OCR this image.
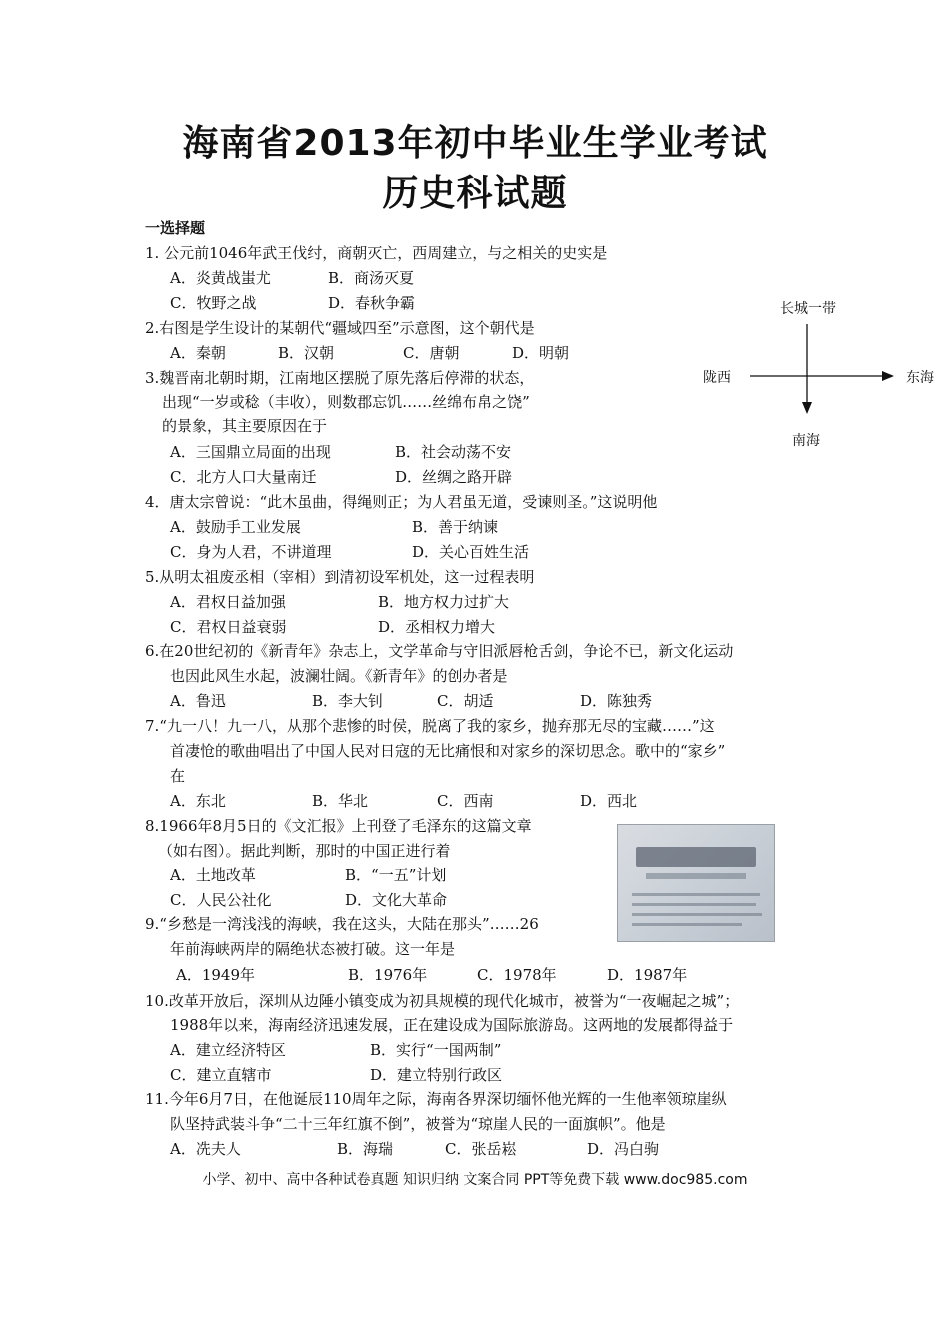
海南省2013年初中毕业生学业考试
历史科试题
一选择题
1. 公元前1046年武王伐纣，商朝灭亡，西周建立，与之相关的史实是
2.右图是学生设计的某朝代“疆域四至”示意图，这个朝代是
3.魏晋南北朝时期，江南地区摆脱了原先落后停滞的状态，
出现“一岁或稔（丰收），则数郡忘饥……丝绵布帛之饶”
的景象，其主要原因在于
4．唐太宗曾说：“此木虽曲，得绳则正；为人君虽无道，受谏则圣。”这说明他
5.从明太祖废丞相（宰相）到清初设军机处，这一过程表明
6.在20世纪初的《新青年》杂志上，文学革命与守旧派唇枪舌剑，争论不已，新文化运动
也因此风生水起，波澜壮阔。《新青年》的创办者是
7.“九一八！九一八，从那个悲惨的时侯，脱离了我的家乡，抛弃那无尽的宝藏……”这
首凄怆的歌曲唱出了中国人民对日寇的无比痛恨和对家乡的深切思念。歌中的“家乡”
在
8.1966年8月5日的《文汇报》上刊登了毛泽东的这篇文章
（如右图）。据此判断，那时的中国正进行着
9.“乡愁是一湾浅浅的海峡，我在这头，大陆在那头”……26
年前海峡两岸的隔绝状态被打破。这一年是
10.改革开放后，深圳从边陲小镇变成为初具规模的现代化城市，被誉为“一夜崛起之城”；
1988年以来，海南经济迅速发展，正在建设成为国际旅游岛。这两地的发展都得益于
11.今年6月7日，在他诞辰110周年之际，海南各界深切缅怀他光辉的一生他率领琼崖纵
队坚持武装斗争“二十三年红旗不倒”，被誉为“琼崖人民的一面旗帜”。他是
A．炎黄战蚩尤	B．商汤灭夏
C．牧野之战	D．春秋争霸
A．秦朝	B．汉朝	C．唐朝	D．明朝
A．三国鼎立局面的出现	B．社会动荡不安
C．北方人口大量南迁	D．丝绸之路开辟
A．鼓励手工业发展	B．善于纳谏
C．身为人君，不讲道理	D．关心百姓生活
A．君权日益加强	B．地方权力过扩大
C．君权日益衰弱	D．丞相权力增大
A．鲁迅	B．李大钊	C．胡适	D．陈独秀
A．东北	B．华北	C．西南	D．西北
A．土地改革	B．“一五”计划
C．人民公社化	D．文化大革命
A．1949年	B．1976年	C．1978年	D．1987年
A．建立经济特区	B．实行“一国两制”
C．建立直辖市	D．建立特别行政区
A．冼夫人	B．海瑞	C．张岳崧	D．冯白驹
长城一带
陇西	东海
南海
小学、初中、高中各种试卷真题 知识归纳 文案合同 PPT等免费下载 www.doc985.com
